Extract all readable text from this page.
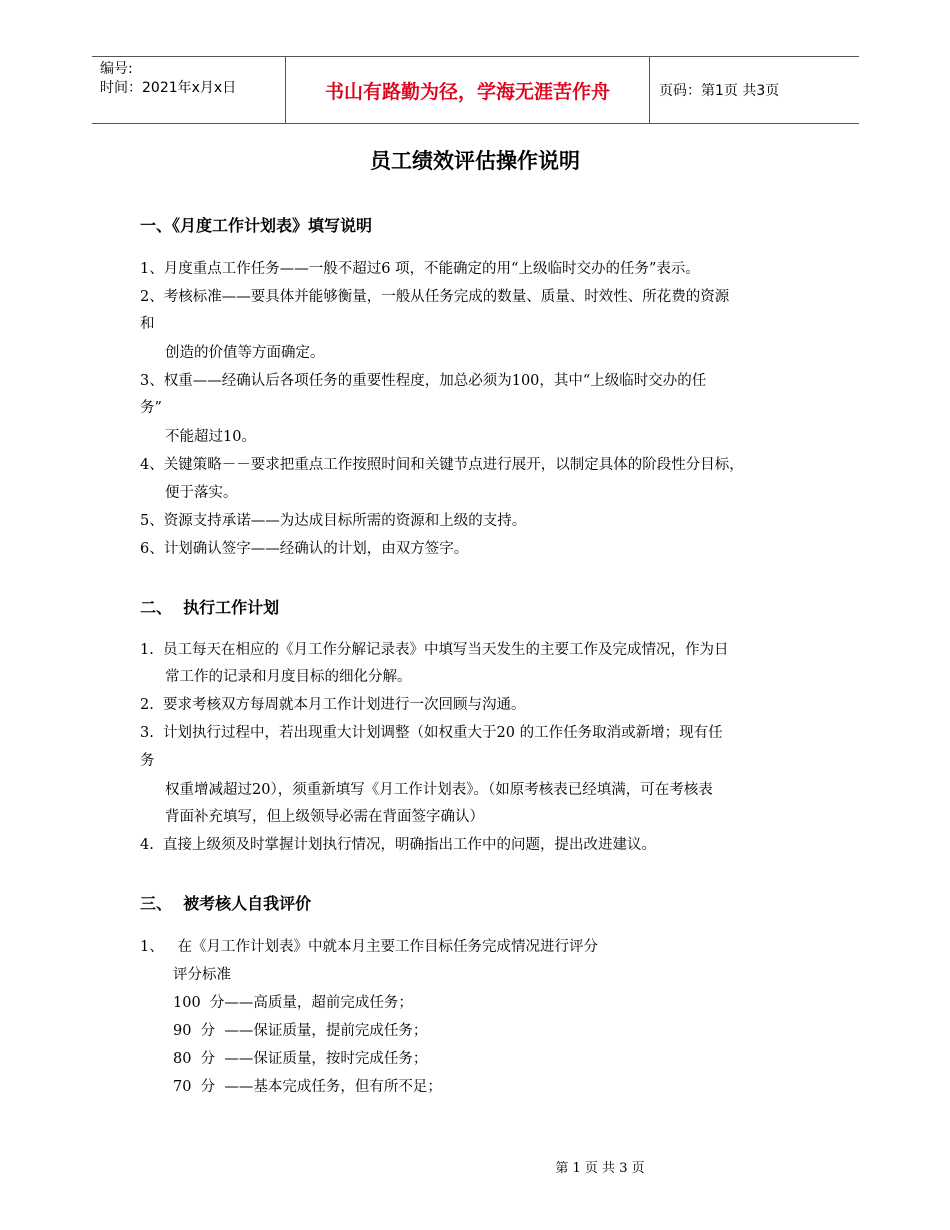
编号:
时间：2021年x月x日	书山有路勤为径，学海无涯苦作舟	页码：第1页 共3页
员工绩效评估操作说明
一、《月度工作计划表》填写说明
1、月度重点工作任务——一般不超过6 项，不能确定的用“上级临时交办的任务”表示。
2、考核标准——要具体并能够衡量，一般从任务完成的数量、质量、时效性、所花费的资源
和
创造的价值等方面确定。
3、权重——经确认后各项任务的重要性程度，加总必须为100，其中“上级临时交办的任
务”
不能超过10。
4、关键策略－－要求把重点工作按照时间和关键节点进行展开，以制定具体的阶段性分目标，
便于落实。
5、资源支持承诺——为达成目标所需的资源和上级的支持。
6、计划确认签字——经确认的计划，由双方签字。
二、  执行工作计划
1.  员工每天在相应的《月工作分解记录表》中填写当天发生的主要工作及完成情况，作为日
常工作的记录和月度目标的细化分解。
2.  要求考核双方每周就本月工作计划进行一次回顾与沟通。
3.  计划执行过程中，若出现重大计划调整（如权重大于20 的工作任务取消或新增；现有任
务
权重增减超过20），须重新填写《月工作计划表》。（如原考核表已经填满，可在考核表
背面补充填写，但上级领导必需在背面签字确认）
4.  直接上级须及时掌握计划执行情况，明确指出工作中的问题，提出改进建议。
三、  被考核人自我评价
1、   在《月工作计划表》中就本月主要工作目标任务完成情况进行评分
评分标准
100  分——高质量，超前完成任务；
90  分  ——保证质量，提前完成任务；
80  分  ——保证质量，按时完成任务；
70  分  ——基本完成任务，但有所不足；
第 1 页 共 3 页
